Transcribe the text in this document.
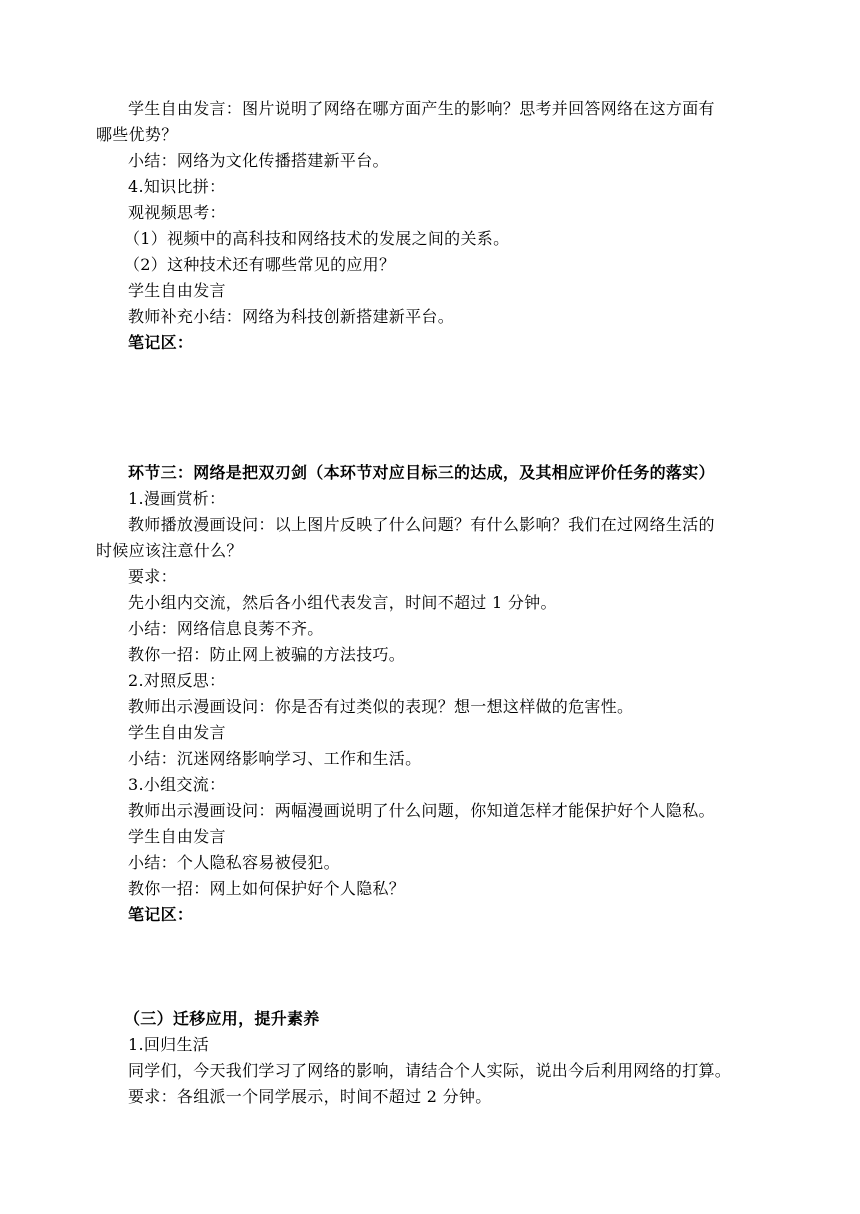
学生自由发言：图片说明了网络在哪方面产生的影响？思考并回答网络在这方面有
哪些优势？
小结：网络为文化传播搭建新平台。
4.知识比拼：
观视频思考：
（1）视频中的高科技和网络技术的发展之间的关系。
（2）这种技术还有哪些常见的应用？
学生自由发言
教师补充小结：网络为科技创新搭建新平台。
笔记区：
环节三：网络是把双刃剑（本环节对应目标三的达成，及其相应评价任务的落实）
1.漫画赏析：
教师播放漫画设问：以上图片反映了什么问题？有什么影响？我们在过网络生活的
时候应该注意什么？
要求：
先小组内交流，然后各小组代表发言，时间不超过 1 分钟。
小结：网络信息良莠不齐。
教你一招：防止网上被骗的方法技巧。
2.对照反思：
教师出示漫画设问：你是否有过类似的表现？想一想这样做的危害性。
学生自由发言
小结：沉迷网络影响学习、工作和生活。
3.小组交流：
教师出示漫画设问：两幅漫画说明了什么问题，你知道怎样才能保护好个人隐私。
学生自由发言
小结：个人隐私容易被侵犯。
教你一招：网上如何保护好个人隐私？
笔记区：
（三）迁移应用，提升素养
1.回归生活
同学们，今天我们学习了网络的影响，请结合个人实际，说出今后利用网络的打算。
要求：各组派一个同学展示，时间不超过 2 分钟。
